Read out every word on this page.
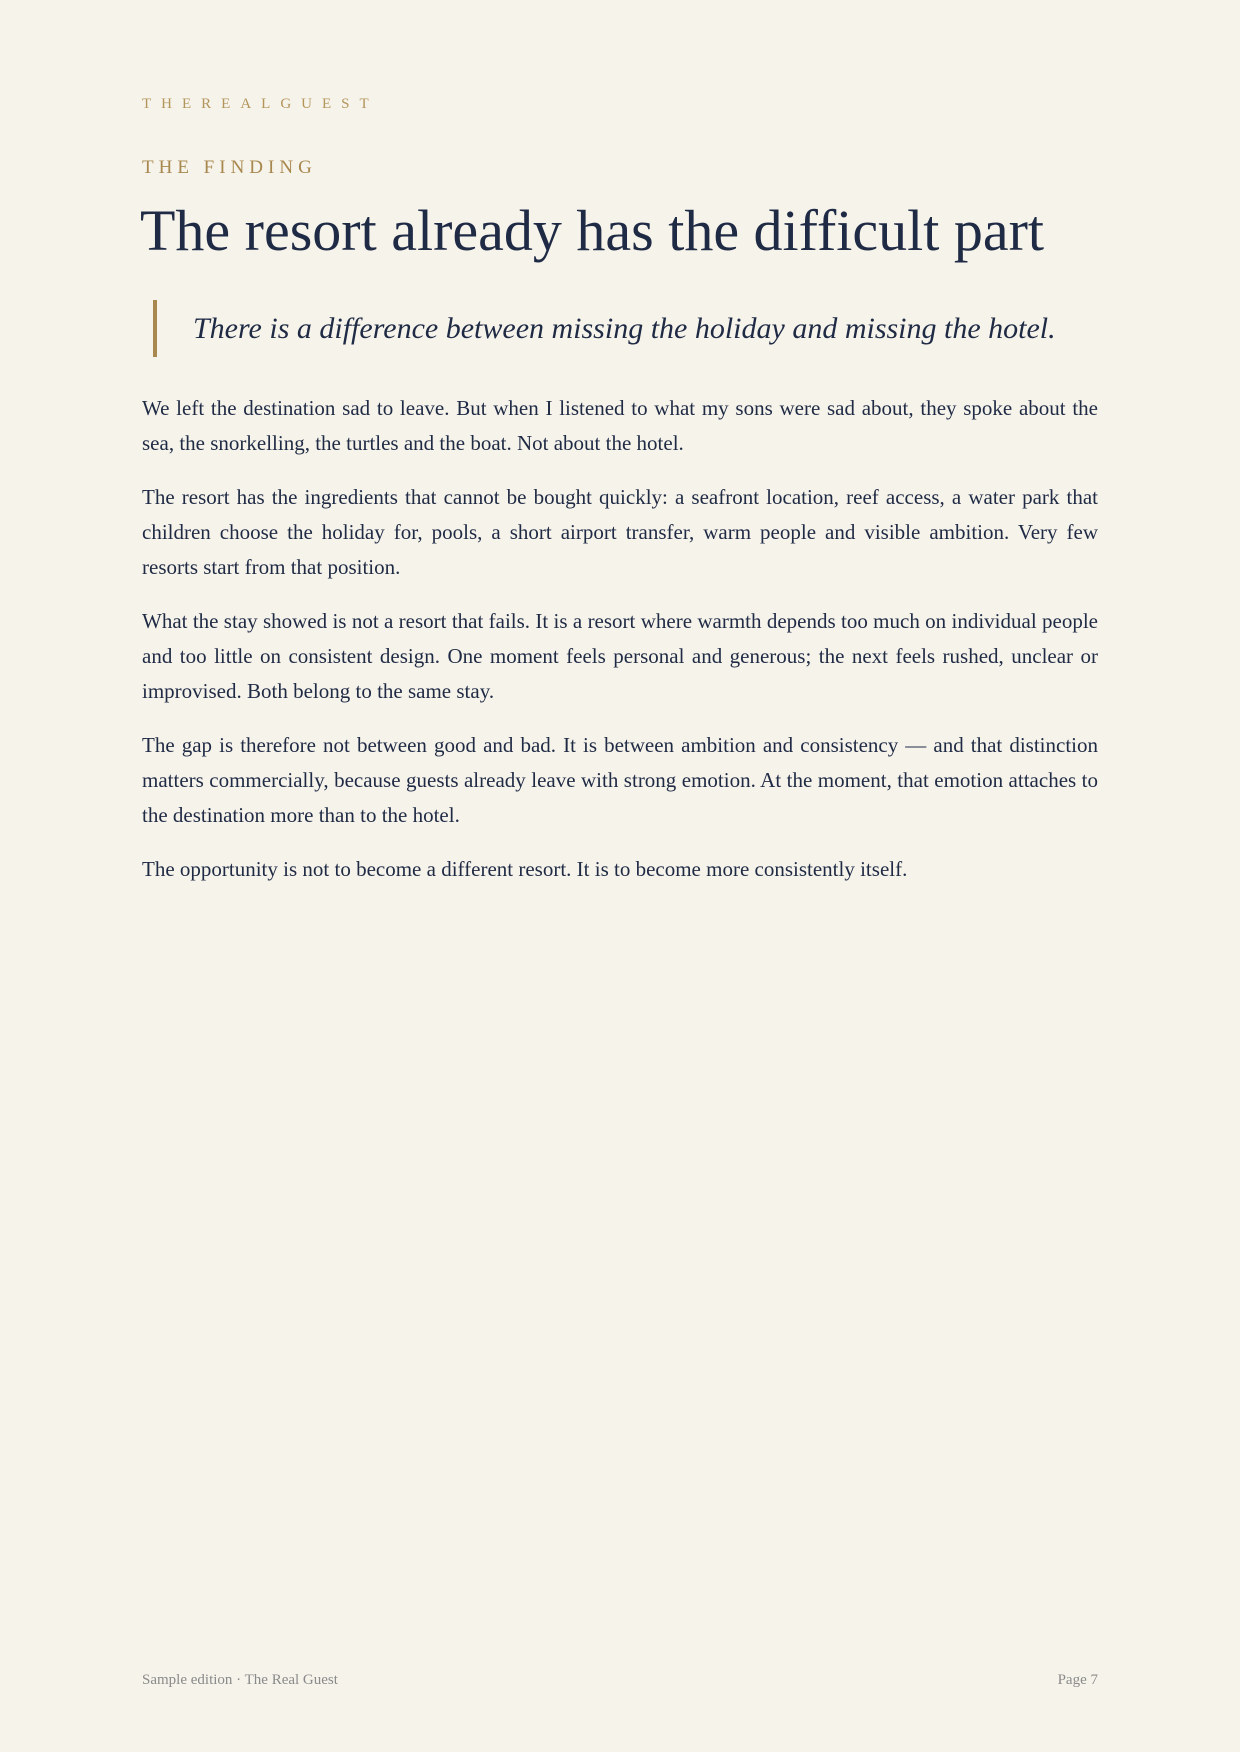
THEREALGUEST
THE FINDING
The resort already has the difficult part
There is a difference between missing the holiday and missing the hotel.

We left the destination sad to leave. But when I listened to what my sons were sad about, they spoke about the sea, the snorkelling, the turtles and the boat. Not about the hotel.

The resort has the ingredients that cannot be bought quickly: a seafront location, reef access, a water park that children choose the holiday for, pools, a short airport transfer, warm people and visible ambition. Very few resorts start from that position.

What the stay showed is not a resort that fails. It is a resort where warmth depends too much on individual people and too little on consistent design. One moment feels personal and generous; the next feels rushed, unclear or improvised. Both belong to the same stay.

The gap is therefore not between good and bad. It is between ambition and consistency — and that distinction matters commercially, because guests already leave with strong emotion. At the moment, that emotion attaches to the destination more than to the hotel.

The opportunity is not to become a different resort. It is to become more consistently itself.

Sample edition · The Real Guest	Page 7
